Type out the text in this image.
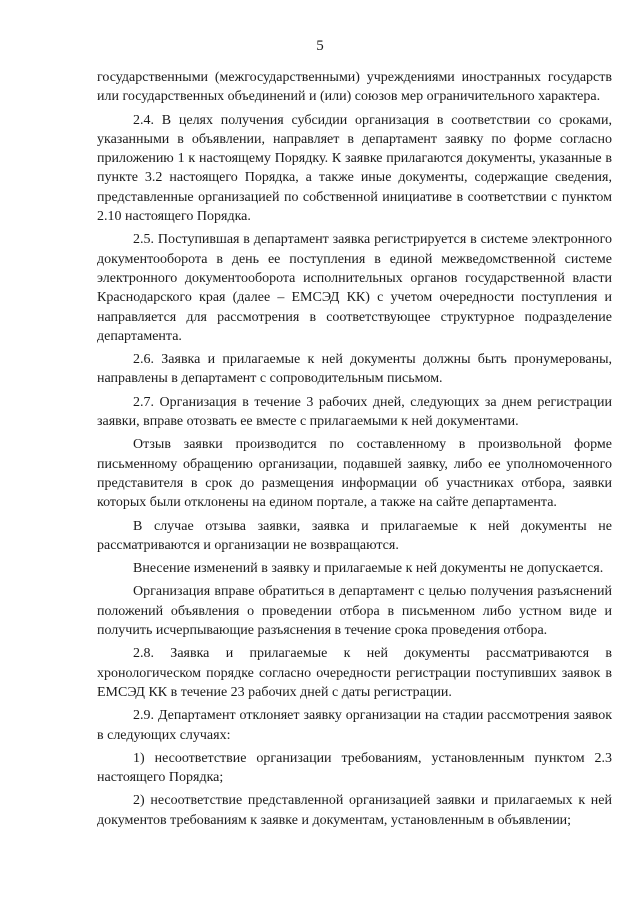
5

государственными (межгосударственными) учреждениями иностранных государств или государственных объединений и (или) союзов мер ограничительного характера.

2.4. В целях получения субсидии организация в соответствии со сроками, указанными в объявлении, направляет в департамент заявку по форме согласно приложению 1 к настоящему Порядку. К заявке прилагаются документы, указанные в пункте 3.2 настоящего Порядка, а также иные документы, содержащие сведения, представленные организацией по собственной инициативе в соответствии с пунктом 2.10 настоящего Порядка.

2.5. Поступившая в департамент заявка регистрируется в системе электронного документооборота в день ее поступления в единой межведомственной системе электронного документооборота исполнительных органов государственной власти Краснодарского края (далее – ЕМСЭД КК) с учетом очередности поступления и направляется для рассмотрения в соответствующее структурное подразделение департамента.

2.6. Заявка и прилагаемые к ней документы должны быть пронумерованы, направлены в департамент с сопроводительным письмом.

2.7. Организация в течение 3 рабочих дней, следующих за днем регистрации заявки, вправе отозвать ее вместе с прилагаемыми к ней документами.

Отзыв заявки производится по составленному в произвольной форме письменному обращению организации, подавшей заявку, либо ее уполномоченного представителя в срок до размещения информации об участниках отбора, заявки которых были отклонены на едином портале, а также на сайте департамента.

В случае отзыва заявки, заявка и прилагаемые к ней документы не рассматриваются и организации не возвращаются.

Внесение изменений в заявку и прилагаемые к ней документы не допускается.

Организация вправе обратиться в департамент с целью получения разъяснений положений объявления о проведении отбора в письменном либо устном виде и получить исчерпывающие разъяснения в течение срока проведения отбора.

2.8. Заявка и прилагаемые к ней документы рассматриваются в хронологическом порядке согласно очередности регистрации поступивших заявок в ЕМСЭД КК в течение 23 рабочих дней с даты регистрации.

2.9. Департамент отклоняет заявку организации на стадии рассмотрения заявок в следующих случаях:

1) несоответствие организации требованиям, установленным пунктом 2.3 настоящего Порядка;

2) несоответствие представленной организацией заявки и прилагаемых к ней документов требованиям к заявке и документам, установленным в объявлении;
